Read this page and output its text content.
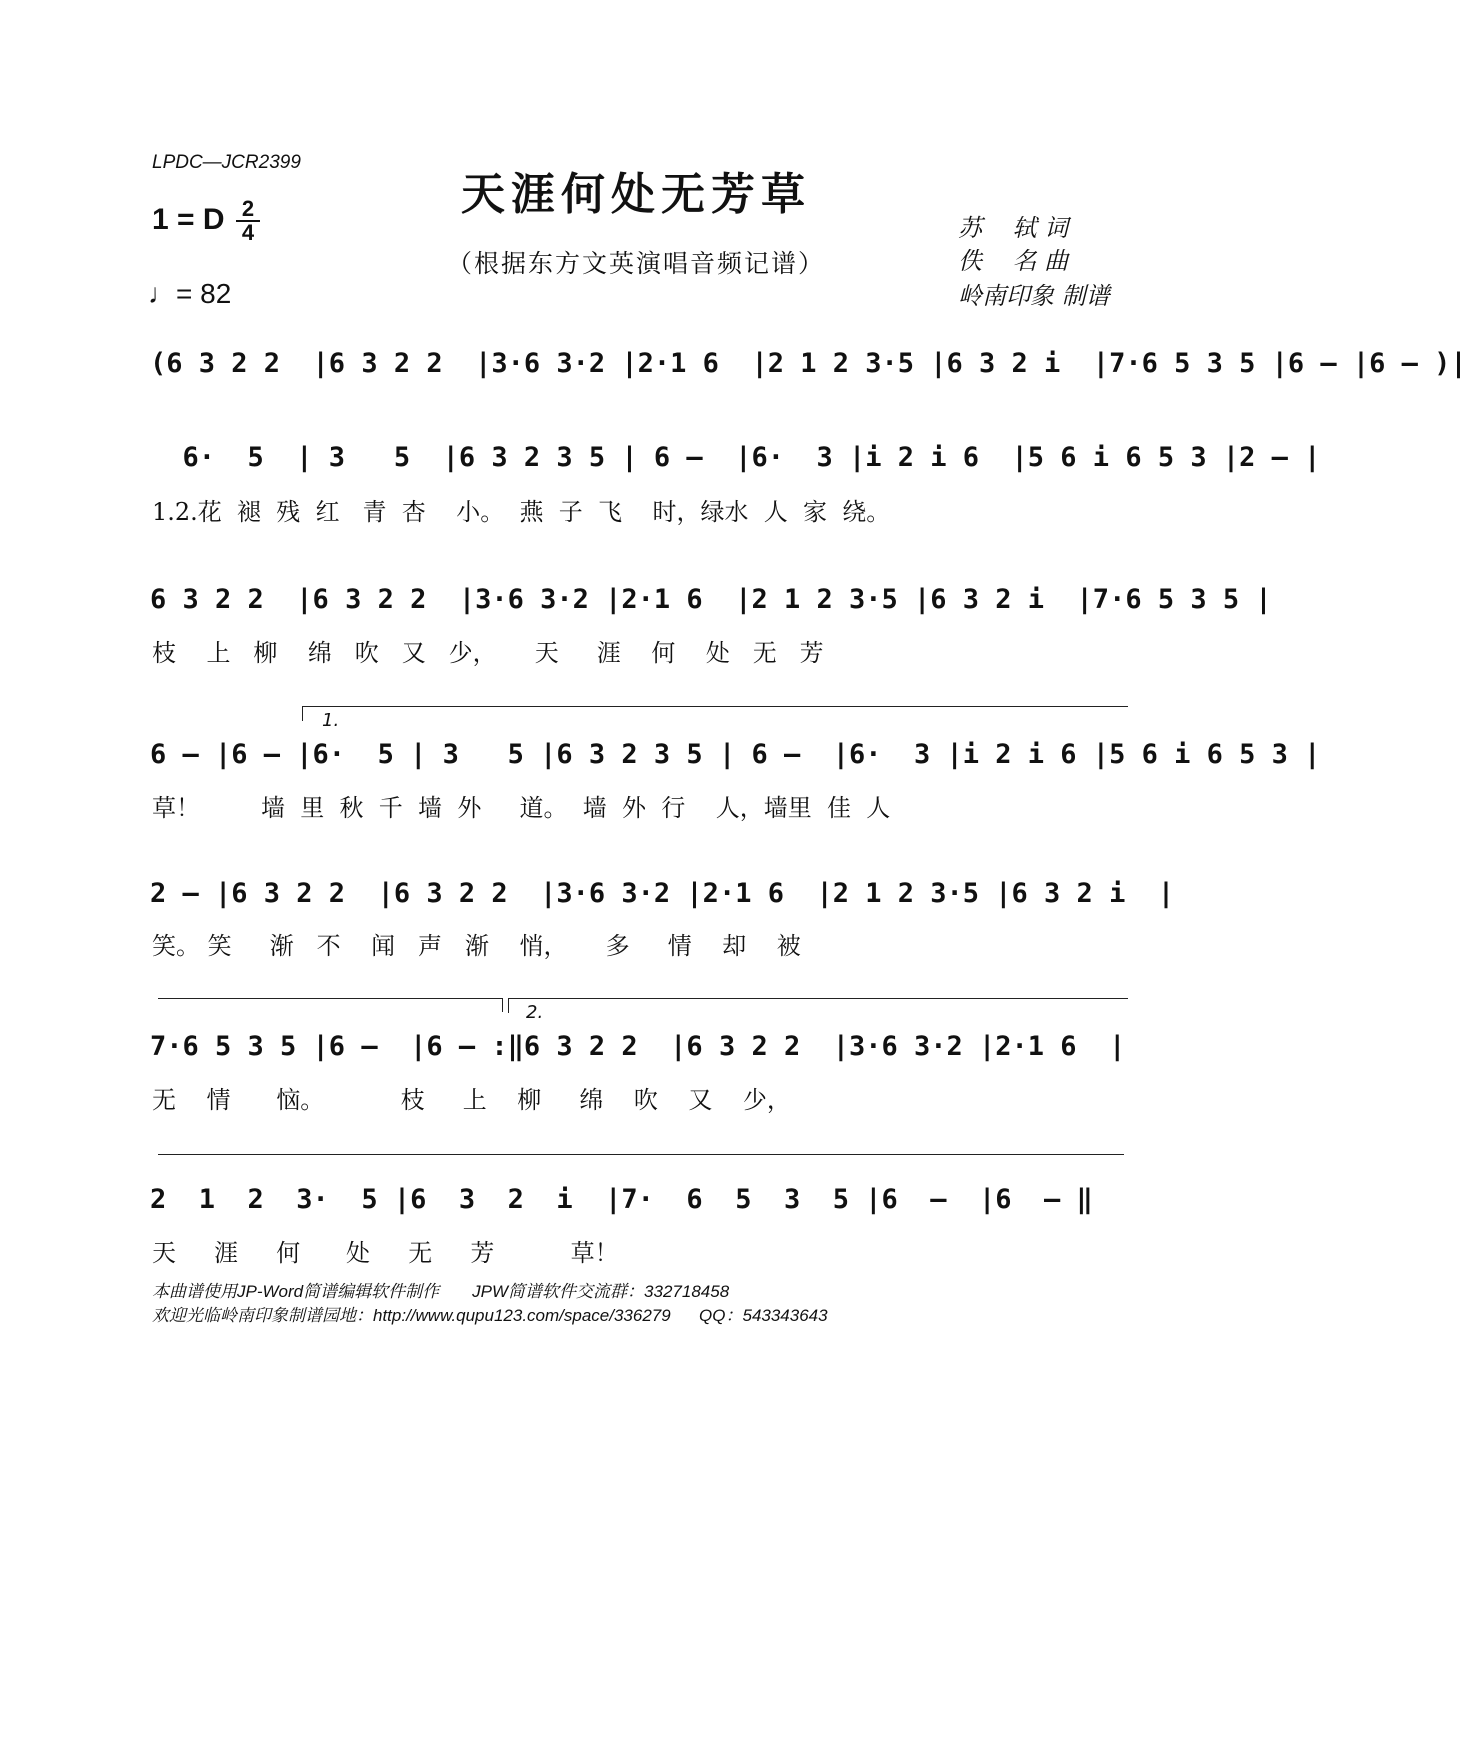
LPDC—JCR2399
天涯何处无芳草
（根据东方文英演唱音频记谱）
1 = D 2
4
♩= 82
苏    轼 词
佚    名 曲
岭南印象 制谱
(6 3 2 2  |6 3 2 2  |3·6 3·2 |2·1 6  |2 1 2 3·5 |6 3 2 i  |7·6 5 3 5 |6 – |6 – )|
6·  5  | 3   5  |6 3 2 3 5 | 6 –  |6·  3 |i 2 i 6  |5 6 i 6 5 3 |2 – |
1.2.花  褪  残  红   青  杏    小。  燕  子  飞    时，绿水  人  家  绕。
6 3 2 2  |6 3 2 2  |3·6 3·2 |2·1 6  |2 1 2 3·5 |6 3 2 i  |7·6 5 3 5 |
枝    上   柳    绵   吹   又   少，     天     涯    何    处   无   芳
1.
6 – |6 – |6·  5 | 3   5 |6 3 2 3 5 | 6 –  |6·  3 |i 2 i 6 |5 6 i 6 5 3 |
草！        墙  里  秋  千  墙  外     道。  墙  外  行    人，墙里  佳  人
2 – |6 3 2 2  |6 3 2 2  |3·6 3·2 |2·1 6  |2 1 2 3·5 |6 3 2 i  |
笑。 笑     渐   不    闻   声   渐    悄，     多     情    却    被
2.
7·6 5 3 5 |6 –  |6 – :‖6 3 2 2  |6 3 2 2  |3·6 3·2 |2·1 6  |
无    情      恼。          枝     上    柳     绵    吹    又    少，
2  1  2  3·  5 |6  3  2  i  |7·  6  5  3  5 |6  –  |6  – ‖
天     涯     何      处     无     芳          草！
本曲谱使用JP-Word简谱编辑软件制作       JPW简谱软件交流群：332718458
欢迎光临岭南印象制谱园地：http://www.qupu123.com/space/336279      QQ：543343643
